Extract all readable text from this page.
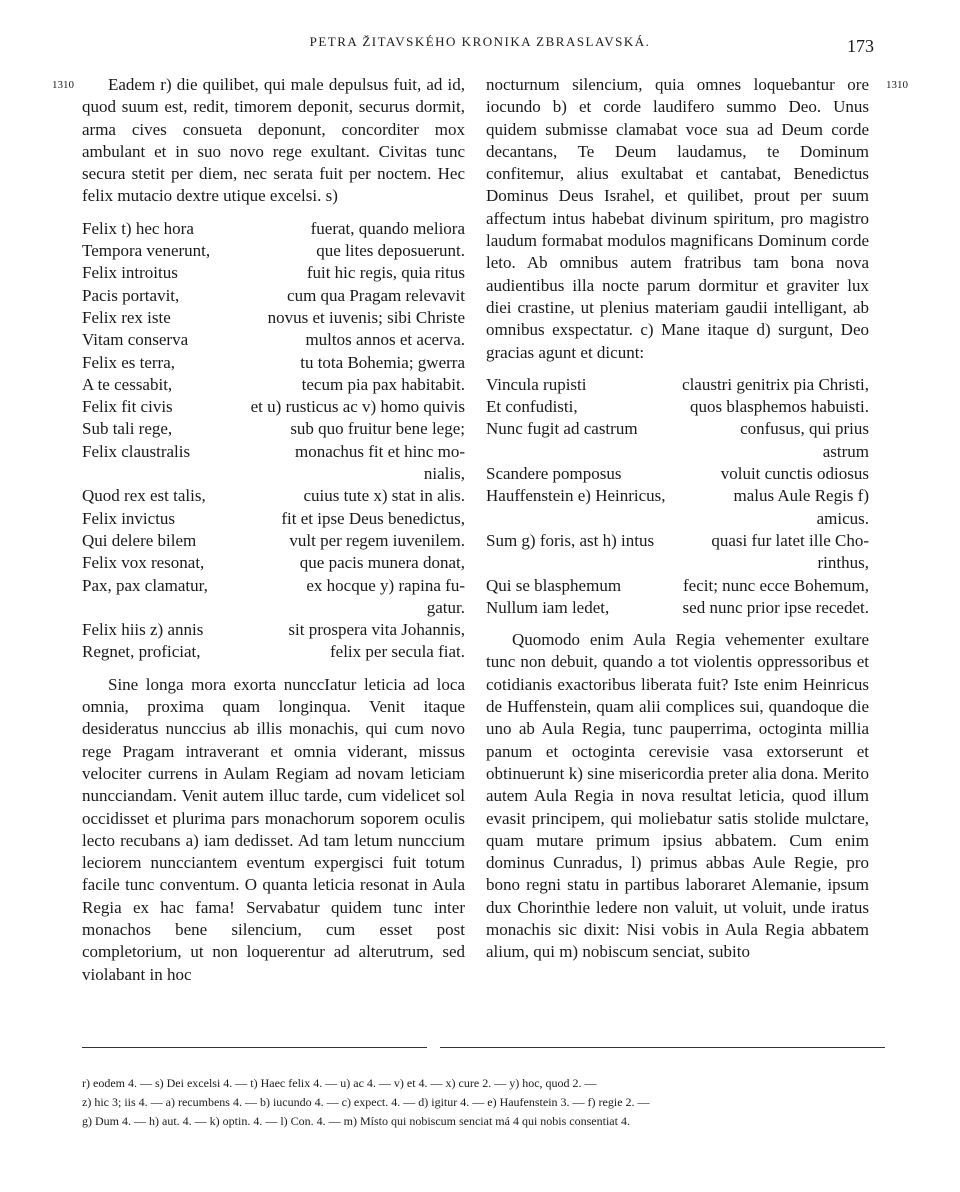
PETRA ŽITAVSKÉHO KRONIKA ZBRASLAVSKÁ.	173
1310	1310

Eadem r) die quilibet, qui male depulsus fuit, ad id, quod suum est, redit, timorem deponit, securus dormit, arma cives consueta deponunt, concorditer mox ambulant et in suo novo rege exultant. Civitas tunc secura stetit per diem, nec serata fuit per noctem. Hec felix mutacio dextre utique excelsi. s)

Felix t) hec hora	fuerat, quando meliora
Tempora venerunt,	que lites deposuerunt.
Felix introitus	fuit hic regis, quia ritus
Pacis portavit,	cum qua Pragam relevavit
Felix rex iste	novus et iuvenis; sibi Christe
Vitam conserva	multos annos et acerva.
Felix es terra,	tu tota Bohemia; gwerra
A te cessabit,	tecum pia pax habitabit.
Felix fit civis	et u) rusticus ac v) homo quivis
Sub tali rege,	sub quo fruitur bene lege;
Felix claustralis	monachus fit et hinc mo-
nialis,
Quod rex est talis,	cuius tute x) stat in alis.
Felix invictus	fit et ipse Deus benedictus,
Qui delere bilem	vult per regem iuvenilem.
Felix vox resonat,	que pacis munera donat,
Pax, pax clamatur,	ex hocque y) rapina fu-
gatur.
Felix hiis z) annis	sit prospera vita Johannis,
Regnet, proficiat,	felix per secula fiat.

Sine longa mora exorta nunccIatur leticia ad loca omnia, proxima quam longinqua. Venit itaque desideratus nunccius ab illis monachis, qui cum novo rege Pragam intraverant et omnia viderant, missus velociter currens in Aulam Regiam ad novam leticiam nuncciandam. Venit autem illuc tarde, cum videlicet sol occidisset et plurima pars monachorum soporem oculis lecto recubans a) iam dedisset. Ad tam letum nunccium leciorem nuncciantem eventum expergisci fuit totum facile tunc conventum. O quanta leticia resonat in Aula Regia ex hac fama! Servabatur quidem tunc inter monachos bene silencium, cum esset post completorium, ut non loquerentur ad alterutrum, sed violabant in hoc

nocturnum silencium, quia omnes loquebantur ore iocundo b) et corde laudifero summo Deo. Unus quidem submisse clamabat voce sua ad Deum corde decantans, Te Deum laudamus, te Dominum confitemur, alius exultabat et cantabat, Benedictus Dominus Deus Israhel, et quilibet, prout per suum affectum intus habebat divinum spiritum, pro magistro laudum formabat modulos magnificans Dominum corde leto. Ab omnibus autem fratribus tam bona nova audientibus illa nocte parum dormitur et graviter lux diei crastine, ut plenius materiam gaudii intelligant, ab omnibus exspectatur. c) Mane itaque d) surgunt, Deo gracias agunt et dicunt:

Vincula rupisti	claustri genitrix pia Christi,
Et confudisti,	quos blasphemos habuisti.
Nunc fugit ad castrum	confusus, qui prius
astrum
Scandere pomposus	voluit cunctis odiosus
Hauffenstein e) Heinricus,	malus Aule Regis f)
amicus.
Sum g) foris, ast h) intus	quasi fur latet ille Cho-
rinthus,
Qui se blasphemum	fecit; nunc ecce Bohemum,
Nullum iam ledet,	sed nunc prior ipse recedet.

Quomodo enim Aula Regia vehementer exultare tunc non debuit, quando a tot violentis oppressoribus et cotidianis exactoribus liberata fuit? Iste enim Heinricus de Huffenstein, quam alii complices sui, quandoque die uno ab Aula Regia, tunc pauperrima, octoginta millia panum et octoginta cerevisie vasa extorserunt et obtinuerunt k) sine misericordia preter alia dona. Merito autem Aula Regia in nova resultat leticia, quod illum evasit principem, qui moliebatur satis stolide mulctare, quam mutare primum ipsius abbatem. Cum enim dominus Cunradus, l) primus abbas Aule Regie, pro bono regni statu in partibus laboraret Alemanie, ipsum dux Chorinthie ledere non valuit, ut voluit, unde iratus monachis sic dixit: Nisi vobis in Aula Regia abbatem alium, qui m) nobiscum senciat, subito

r) eodem 4. — s) Dei excelsi 4. — t) Haec felix 4. — u) ac 4. — v) et 4. — x) cure 2. — y) hoc, quod 2. —

z) hic 3; iis 4. — a) recumbens 4. — b) iucundo 4. — c) expect. 4. — d) igitur 4. — e) Haufenstein 3. — f) regie 2. —

g) Dum 4. — h) aut. 4. — k) optin. 4. — l) Con. 4. — m) Místo qui nobiscum senciat má 4 qui nobis consentiat 4.
